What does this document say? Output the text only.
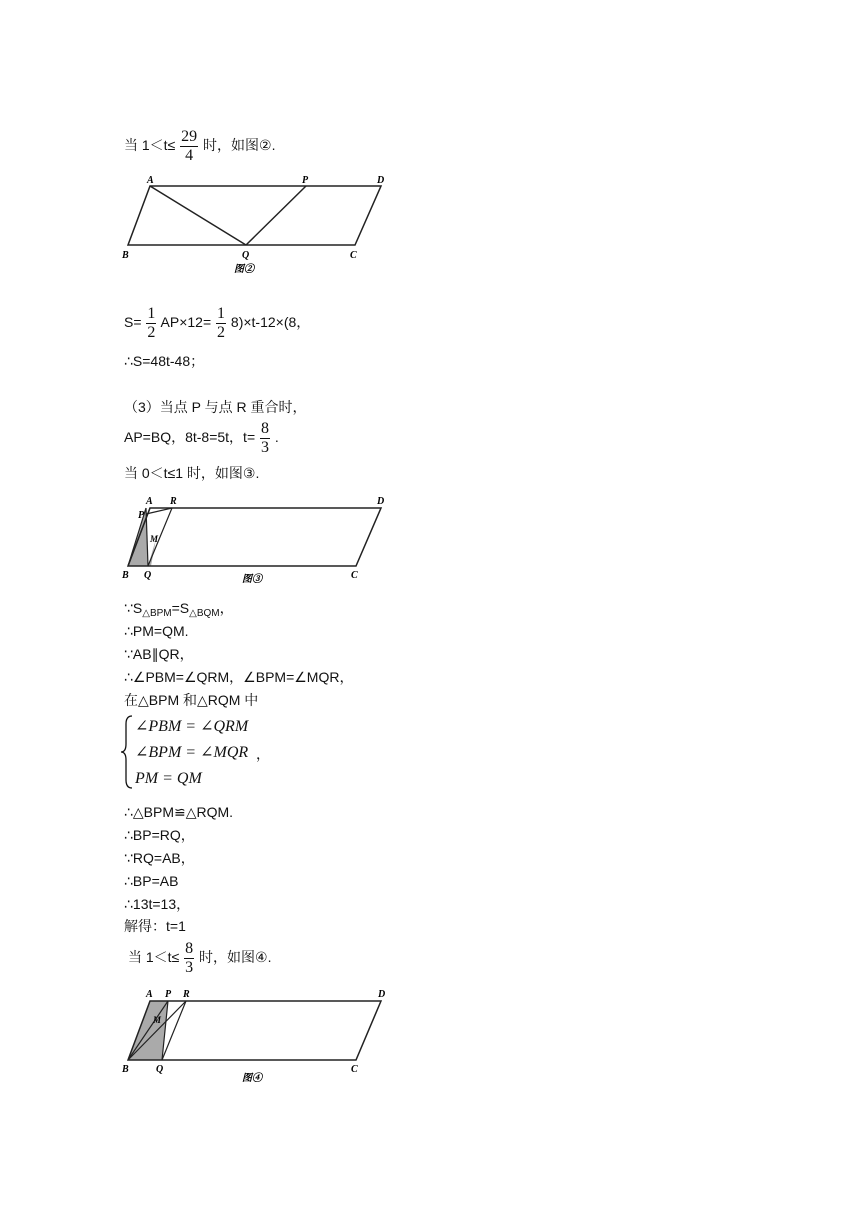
当 $1<t\le \frac{29}{4}$ 时，如图②.
A	P	D
B	Q	C
图②
$S= \frac{1}{2} AP\times 12= \frac{1}{2} 8)\times t-12\times(8$，
∴S=48t-48；
（3）当点 P 与点 R 重合时，
AP=BQ，8t-8=5t，$t= \frac{8}{3}$ .
当 0＜t≤1 时，如图③.
A R	D
P
M
B Q	C
图③
$\because S_{\triangle BPM}=S_{\triangle BQM}$，
∴PM=QM.
∵AB∥QR，
∴∠PBM=∠QRM，∠BPM=∠MQR，
在△BPM 和△RQM 中
∠PBM = ∠QRM
∠BPM = ∠MQR
PM = QM
，
∴△BPM≌△RQM.
∴BP=RQ，
∵RQ=AB，
∴BP=AB
∴13t=13，
解得：t=1
当 $1<t\le \frac{8}{3}$ 时，如图④.
A P R	D
M
B	Q	C
图④
